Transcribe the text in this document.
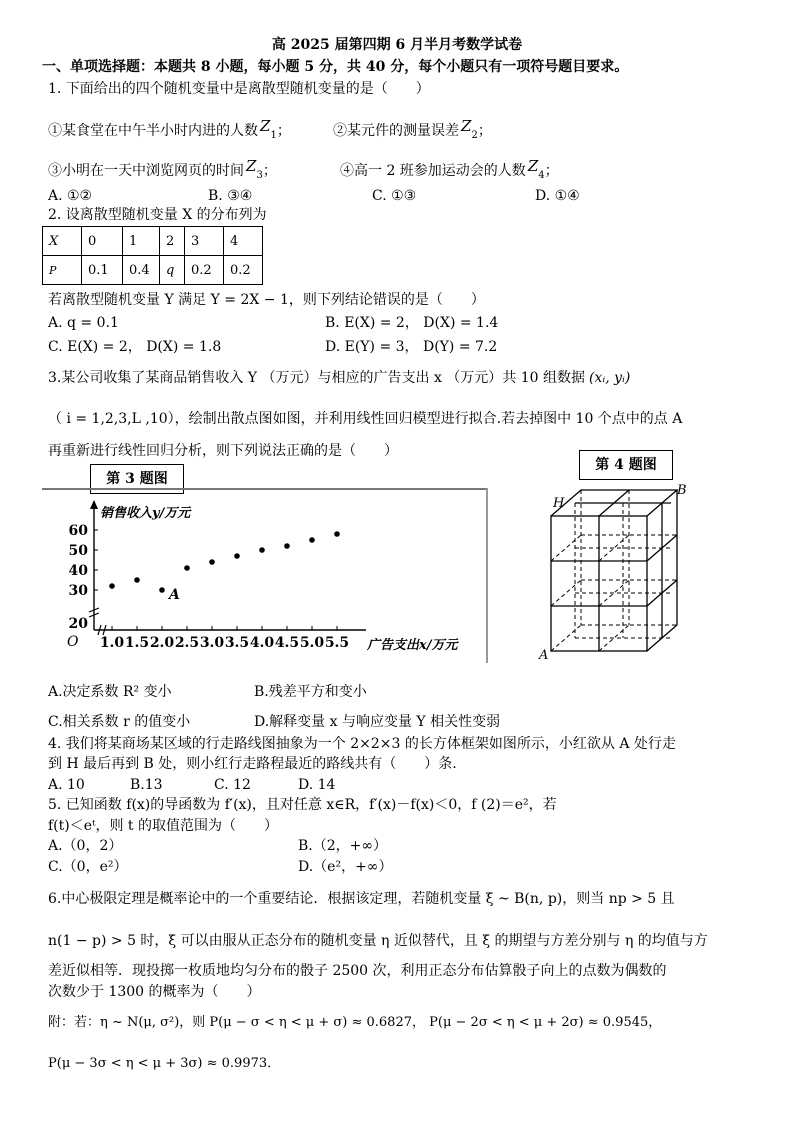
高 2025 届第四期 6 月半月考数学试卷
一、单项选择题：本题共 8 小题，每小题 5 分，共 40 分，每个小题只有一项符号题目要求。
1. 下面给出的四个随机变量中是离散型随机变量的是（　　）
①某食堂在中午半小时内进的人数 $Z_1$；	②某元件的测量误差 $Z_2$；
③小明在一天中浏览网页的时间 $Z_3$；	④高一 2 班参加运动会的人数 $Z_4$；
A. ①②	B. ③④	C. ①③	D. ①④
2. 设离散型随机变量 X 的分布列为
X	0	1	2	3	4
P	0.1	0.4	q	0.2	0.2
若离散型随机变量 Y 满足 Y = 2X − 1，则下列结论错误的是（　　）
A. q = 0.1	B. E(X) = 2， D(X) = 1.4
C. E(X) = 2， D(X) = 1.8	D. E(Y) = 3， D(Y) = 7.2
3.某公司收集了某商品销售收入 Y （万元）与相应的广告支出 x （万元）共 10 组数据 (xᵢ, yᵢ)
（ i = 1,2,3,L ,10），绘制出散点图如图，并利用线性回归模型进行拟合.若去掉图中 10 个点中的点 A
再重新进行线性回归分析，则下列说法正确的是（　　）
第 3 题图
1.0 1.5 2.0 2.5 3.0 3.5 4.0 4.5 5.0 5.5
20
30
40
50
60
销售收入y/万元
广告支出x/万元
O
A
第 4 题图
H
B
A
A.决定系数 R² 变小	B.残差平方和变小
C.相关系数 r 的值变小	D.解释变量 x 与响应变量 Y 相关性变弱
4. 我们将某商场某区域的行走路线图抽象为一个 2×2×3 的长方体框架如图所示，小红欲从 A 处行走
到 H 最后再到 B 处，则小红行走路程最近的路线共有（　　）条.
A. 10	B.13	C. 12	D. 14
5. 已知函数 f(x)的导函数为 f′(x)，且对任意 x∈R，f′(x)－f(x)＜0，f (2)＝e²，若
f(t)＜eᵗ，则 t 的取值范围为（　　）
A.（0，2）	B.（2，+∞）
C.（0，e²）	D.（e²，+∞）
6.中心极限定理是概率论中的一个重要结论．根据该定理，若随机变量 ξ ~ B(n, p)，则当 np > 5 且
n(1 − p) > 5 时，ξ 可以由服从正态分布的随机变量 η 近似替代，且 ξ 的期望与方差分别与 η 的均值与方
差近似相等．现投掷一枚质地均匀分布的骰子 2500 次，利用正态分布估算骰子向上的点数为偶数的
次数少于 1300 的概率为（　　）
附：若：η ~ N(μ, σ²)，则 P(μ − σ < η < μ + σ) ≈ 0.6827， P(μ − 2σ < η < μ + 2σ) ≈ 0.9545，
P(μ − 3σ < η < μ + 3σ) ≈ 0.9973．
